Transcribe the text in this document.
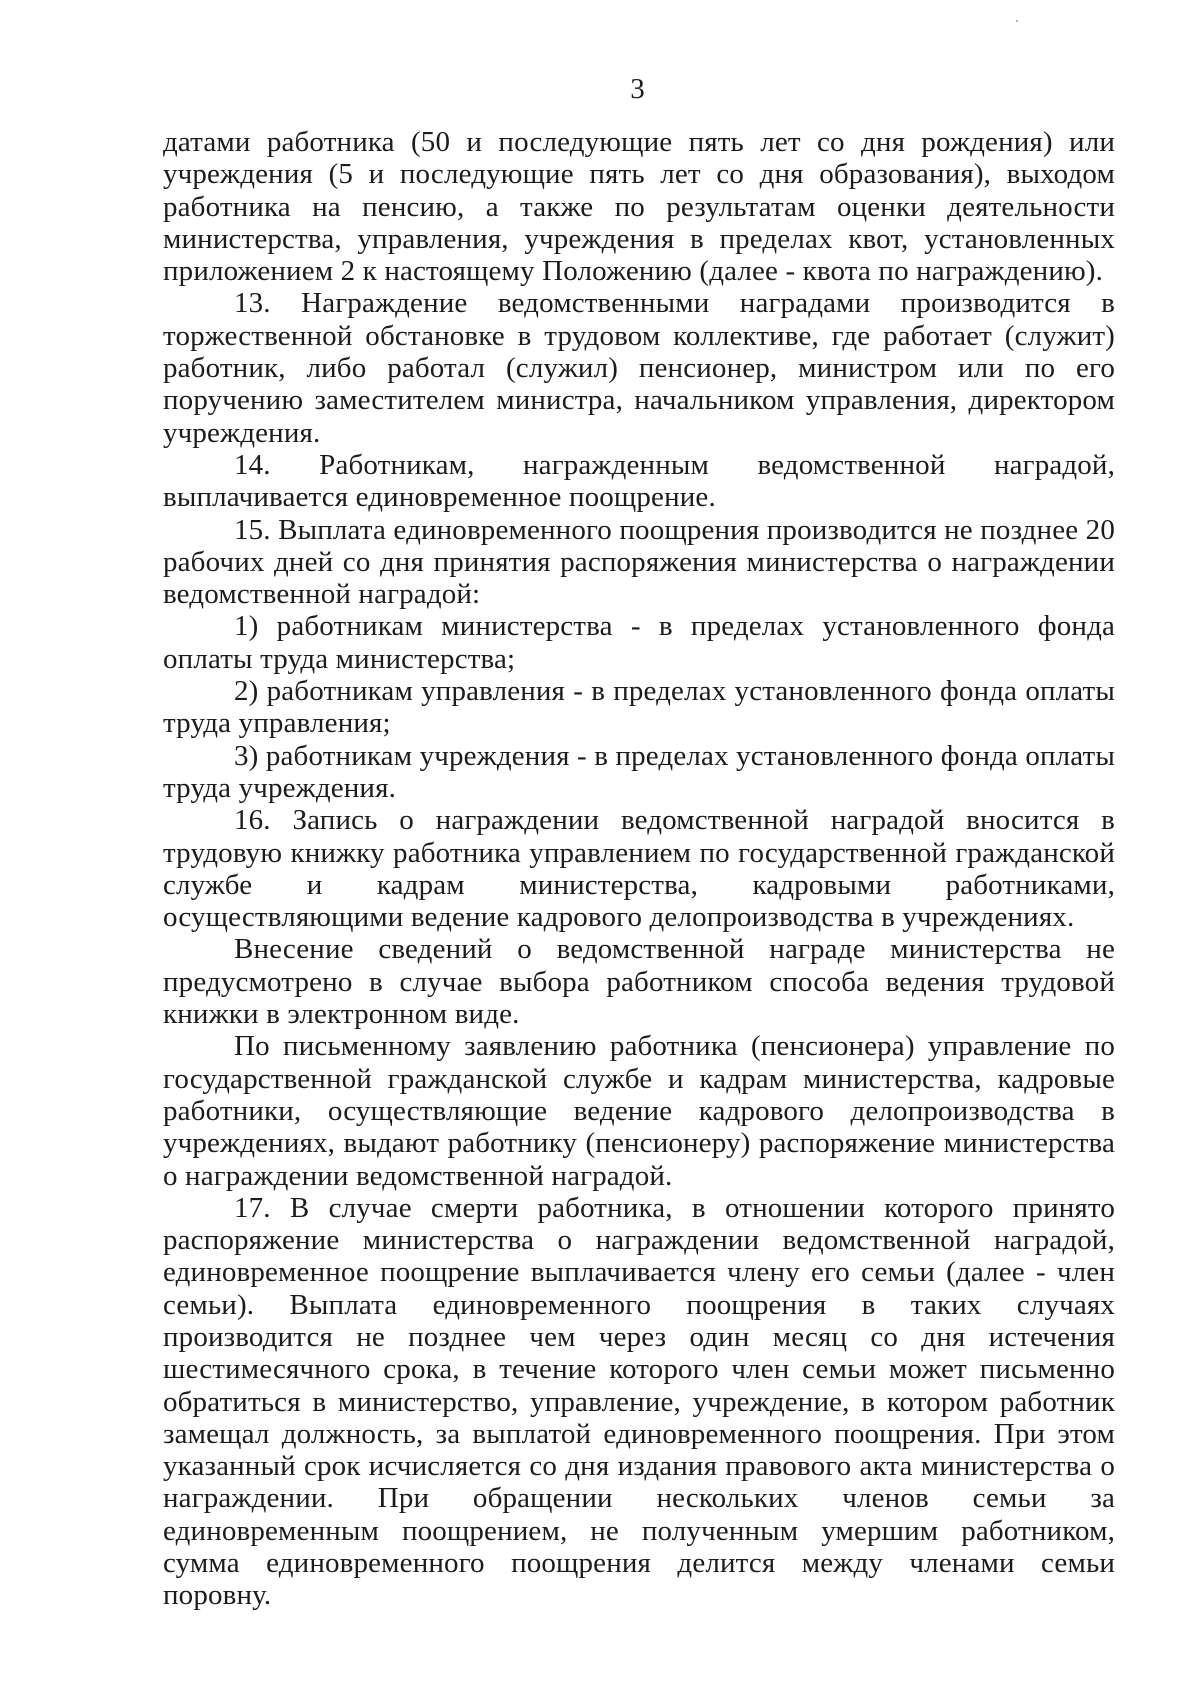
3

датами работника (50 и последующие пять лет со дня рождения) или учреждения (5 и последующие пять лет со дня образования), выходом работника на пенсию, а также по результатам оценки деятельности министерства, управления, учреждения в пределах квот, установленных приложением 2 к настоящему Положению (далее - квота по награждению).

13. Награждение ведомственными наградами производится в торжественной обстановке в трудовом коллективе, где работает (служит) работник, либо работал (служил) пенсионер, министром или по его поручению заместителем министра, начальником управления, директором учреждения.

14. Работникам, награжденным ведомственной наградой, выплачивается единовременное поощрение.

15. Выплата единовременного поощрения производится не позднее 20 рабочих дней со дня принятия распоряжения министерства о награждении ведомственной наградой:

1) работникам министерства - в пределах установленного фонда оплаты труда министерства;

2) работникам управления - в пределах установленного фонда оплаты труда управления;

3) работникам учреждения - в пределах установленного фонда оплаты труда учреждения.

16. Запись о награждении ведомственной наградой вносится в трудовую книжку работника управлением по государственной гражданской службе и кадрам министерства, кадровыми работниками, осуществляющими ведение кадрового делопроизводства в учреждениях.

Внесение сведений о ведомственной награде министерства не предусмотрено в случае выбора работником способа ведения трудовой книжки в электронном виде.

По письменному заявлению работника (пенсионера) управление по государственной гражданской службе и кадрам министерства, кадровые работники, осуществляющие ведение кадрового делопроизводства в учреждениях, выдают работнику (пенсионеру) распоряжение министерства о награждении ведомственной наградой.

17. В случае смерти работника, в отношении которого принято распоряжение министерства о награждении ведомственной наградой, единовременное поощрение выплачивается члену его семьи (далее - член семьи). Выплата единовременного поощрения в таких случаях производится не позднее чем через один месяц со дня истечения шестимесячного срока, в течение которого член семьи может письменно обратиться в министерство, управление, учреждение, в котором работник замещал должность, за выплатой единовременного поощрения. При этом указанный срок исчисляется со дня издания правового акта министерства о награждении. При обращении нескольких членов семьи за единовременным поощрением, не полученным умершим работником, сумма единовременного поощрения делится между членами семьи поровну.
